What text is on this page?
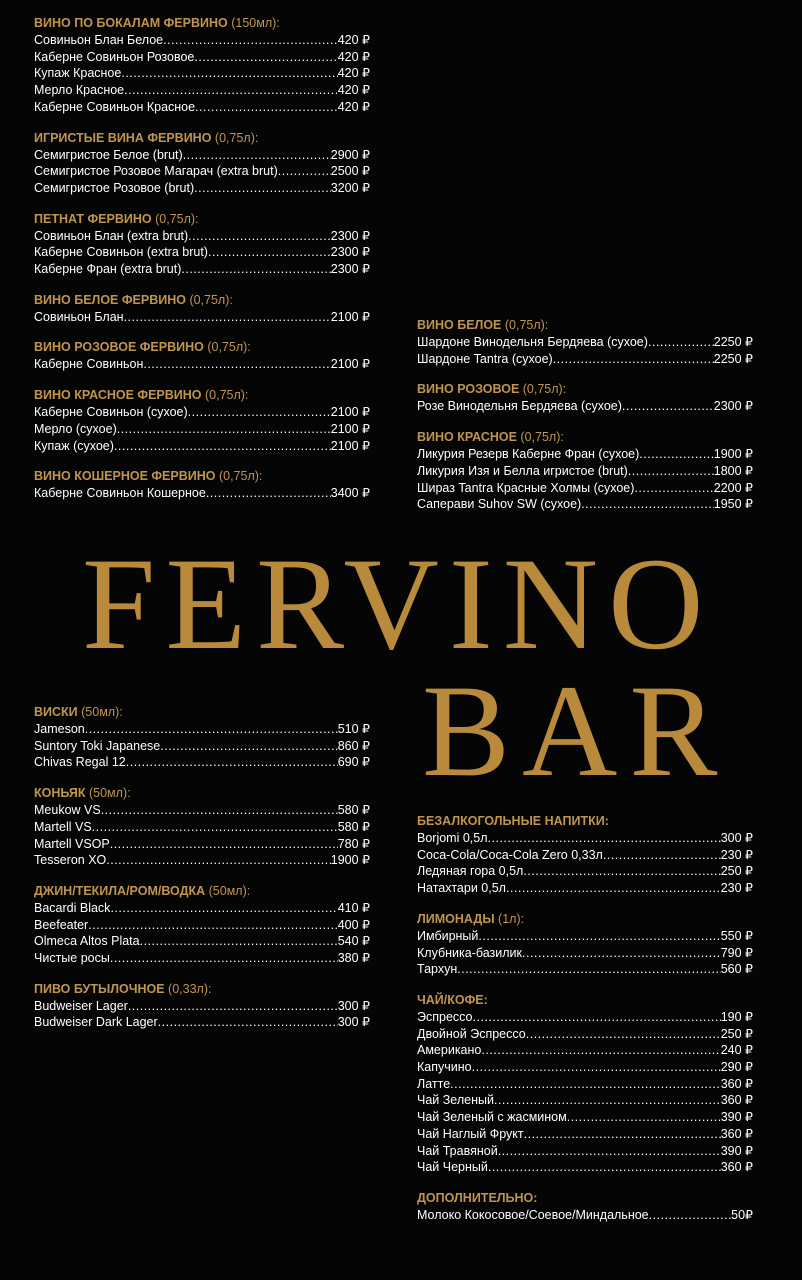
ВИНО ПО БОКАЛАМ ФЕРВИНО (150мл):
Совиньон Блан Белое .....	420 ₽
Каберне Совиньон Розовое .....	420 ₽
Купаж Красное .....	420 ₽
Мерло Красное .....	420 ₽
Каберне Совиньон Красное .....	420 ₽
ИГРИСТЫЕ ВИНА ФЕРВИНО (0,75л):
Семигристое Белое (brut) .....	2900 ₽
Семигристое Розовое Магарач (extra brut) .....	2500 ₽
Семигристое Розовое (brut) .....	3200 ₽
ПЕТНАТ ФЕРВИНО (0,75л):
Совиньон Блан (extra brut) .....	2300 ₽
Каберне Совиньон (extra brut) .....	2300 ₽
Каберне Фран (extra brut) .....	2300 ₽
ВИНО БЕЛОЕ ФЕРВИНО (0,75л):
Совиньон Блан .....	2100 ₽
ВИНО РОЗОВОЕ ФЕРВИНО (0,75л):
Каберне Совиньон .....	2100 ₽
ВИНО КРАСНОЕ ФЕРВИНО (0,75л):
Каберне Совиньон (сухое) .....	2100 ₽
Мерло (сухое) .....	2100 ₽
Купаж (сухое) .....	2100 ₽
ВИНО КОШЕРНОЕ ФЕРВИНО (0,75л):
Каберне Совиньон Кошерное .....	3400 ₽
ВИНО БЕЛОЕ (0,75л):
Шардоне Винодельня Бердяева (сухое) .....	2250 ₽
Шардоне Tantra (сухое) .....	2250 ₽
ВИНО РОЗОВОЕ (0,75л):
Розе Винодельня Бердяева (сухое) .....	2300 ₽
ВИНО КРАСНОЕ (0,75л):
Ликурия Резерв Каберне Фран (сухое) .....	1900 ₽
Ликурия Изя и Белла игристое (brut) .....	1800 ₽
Шираз Tantra Красные Холмы (сухое) .....	2200 ₽
Саперави Suhov SW (сухое) .....	1950 ₽
FERVINO
BAR
ВИСКИ (50мл):
Jameson .....	510 ₽
Suntory Toki Japanese .....	860 ₽
Chivas Regal 12 .....	690 ₽
КОНЬЯК (50мл):
Meukow VS .....	580 ₽
Martell VS .....	580 ₽
Martell VSOP .....	780 ₽
Tesseron XO .....	1900 ₽
ДЖИН/ТЕКИЛА/РОМ/ВОДКА (50мл):
Bacardi Black .....	410 ₽
Beefeater .....	400 ₽
Olmeca Altos Plata .....	540 ₽
Чистые росы .....	380 ₽
ПИВО БУТЫЛОЧНОЕ (0,33л):
Budweiser Lager .....	300 ₽
Budweiser Dark Lager .....	300 ₽
БЕЗАЛКОГОЛЬНЫЕ НАПИТКИ:
Borjomi 0,5л .....	300 ₽
Coca-Cola/Coca-Cola Zero 0,33л .....	230 ₽
Ледяная гора 0,5л .....	250 ₽
Натахтари 0,5л .....	230 ₽
ЛИМОНАДЫ (1л):
Имбирный .....	550 ₽
Клубника-базилик .....	790 ₽
Тархун .....	560 ₽
ЧАЙ/КОФЕ:
Эспрессо .....	190 ₽
Двойной Эспрессо .....	250 ₽
Американо .....	240 ₽
Капучино .....	290 ₽
Латте .....	360 ₽
Чай Зеленый .....	360 ₽
Чай Зеленый с жасмином .....	390 ₽
Чай Наглый Фрукт .....	360 ₽
Чай Травяной .....	390 ₽
Чай Черный .....	360 ₽
ДОПОЛНИТЕЛЬНО:
Молоко Кокосовое/Соевое/Миндальное .....	50₽
